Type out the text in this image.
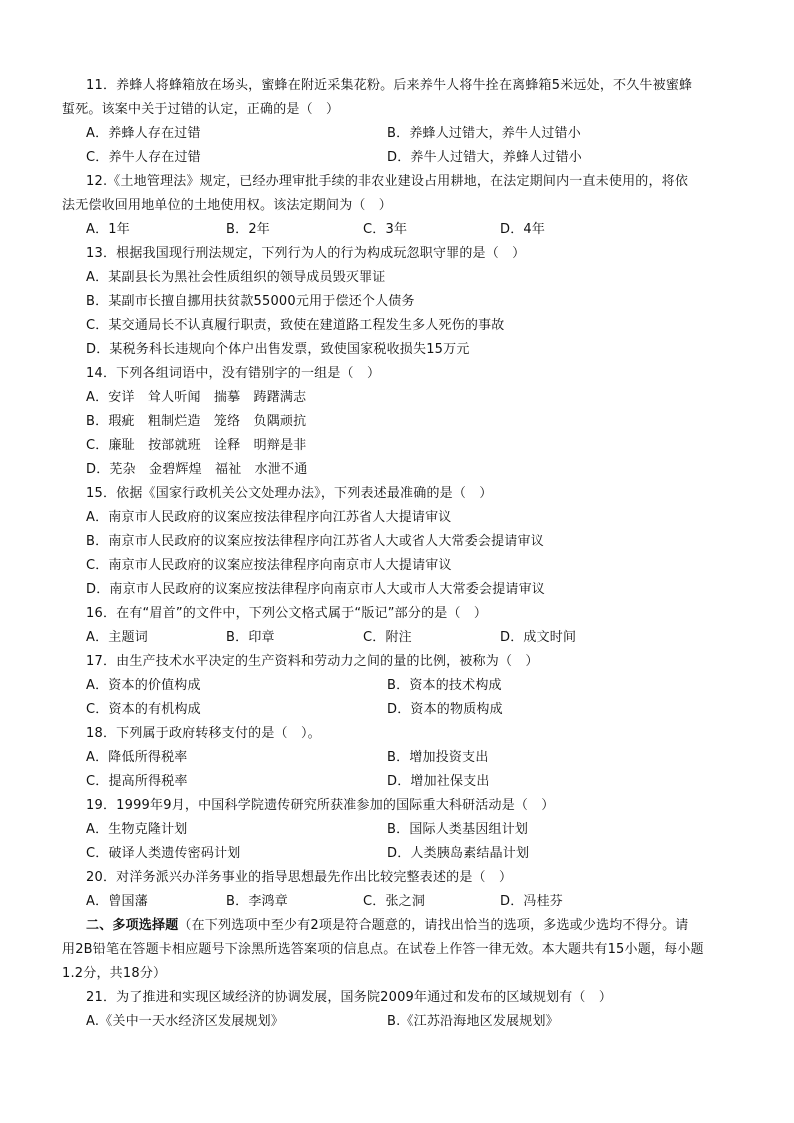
11．养蜂人将蜂箱放在场头，蜜蜂在附近采集花粉。后来养牛人将牛拴在离蜂箱5米远处，不久牛被蜜蜂
蜇死。该案中关于过错的认定，正确的是（　）
A．养蜂人存在过错	B．养蜂人过错大，养牛人过错小
C．养牛人存在过错	D．养牛人过错大，养蜂人过错小
12.《土地管理法》规定，已经办理审批手续的非农业建设占用耕地，在法定期间内一直未使用的，将依
法无偿收回用地单位的土地使用权。该法定期间为（　）
A．1年	B．2年	C．3年	D．4年
13．根据我国现行刑法规定，下列行为人的行为构成玩忽职守罪的是（　）
A．某副县长为黑社会性质组织的领导成员毁灭罪证
B．某副市长擅自挪用扶贫款55000元用于偿还个人债务
C．某交通局长不认真履行职责，致使在建道路工程发生多人死伤的事故
D．某税务科长违规向个体户出售发票，致使国家税收损失15万元
14．下列各组词语中，没有错别字的一组是（　）
A．安详　耸人听闻　揣摹　踌躇满志
B．瑕疵　粗制烂造　笼络　负隅顽抗
C．廉耻　按部就班　诠释　明辩是非
D．芜杂　金碧辉煌　福祉　水泄不通
15．依据《国家行政机关公文处理办法》，下列表述最准确的是（　）
A．南京市人民政府的议案应按法律程序向江苏省人大提请审议
B．南京市人民政府的议案应按法律程序向江苏省人大或省人大常委会提请审议
C．南京市人民政府的议案应按法律程序向南京市人大提请审议
D．南京市人民政府的议案应按法律程序向南京市人大或市人大常委会提请审议
16．在有“眉首”的文件中，下列公文格式属于“版记”部分的是（　）
A．主题词	B．印章	C．附注	D．成文时间
17．由生产技术水平决定的生产资料和劳动力之间的量的比例，被称为（　）
A．资本的价值构成	B．资本的技术构成
C．资本的有机构成	D．资本的物质构成
18．下列属于政府转移支付的是（　）。
A．降低所得税率	B．增加投资支出
C．提高所得税率	D．增加社保支出
19．1999年9月，中国科学院遗传研究所获准参加的国际重大科研活动是（　）
A．生物克隆计划	B．国际人类基因组计划
C．破译人类遗传密码计划	D．人类胰岛素结晶计划
20．对洋务派兴办洋务事业的指导思想最先作出比较完整表述的是（　）
A．曾国藩	B．李鸿章	C．张之洞	D．冯桂芬
二、多项选择题（在下列选项中至少有2项是符合题意的，请找出恰当的选项，多选或少选均不得分。请
用2B铅笔在答题卡相应题号下涂黑所选答案项的信息点。在试卷上作答一律无效。本大题共有15小题，每小题
1.2分，共18分）
21．为了推进和实现区域经济的协调发展，国务院2009年通过和发布的区域规划有（　）
A.《关中一天水经济区发展规划》	B.《江苏沿海地区发展规划》
